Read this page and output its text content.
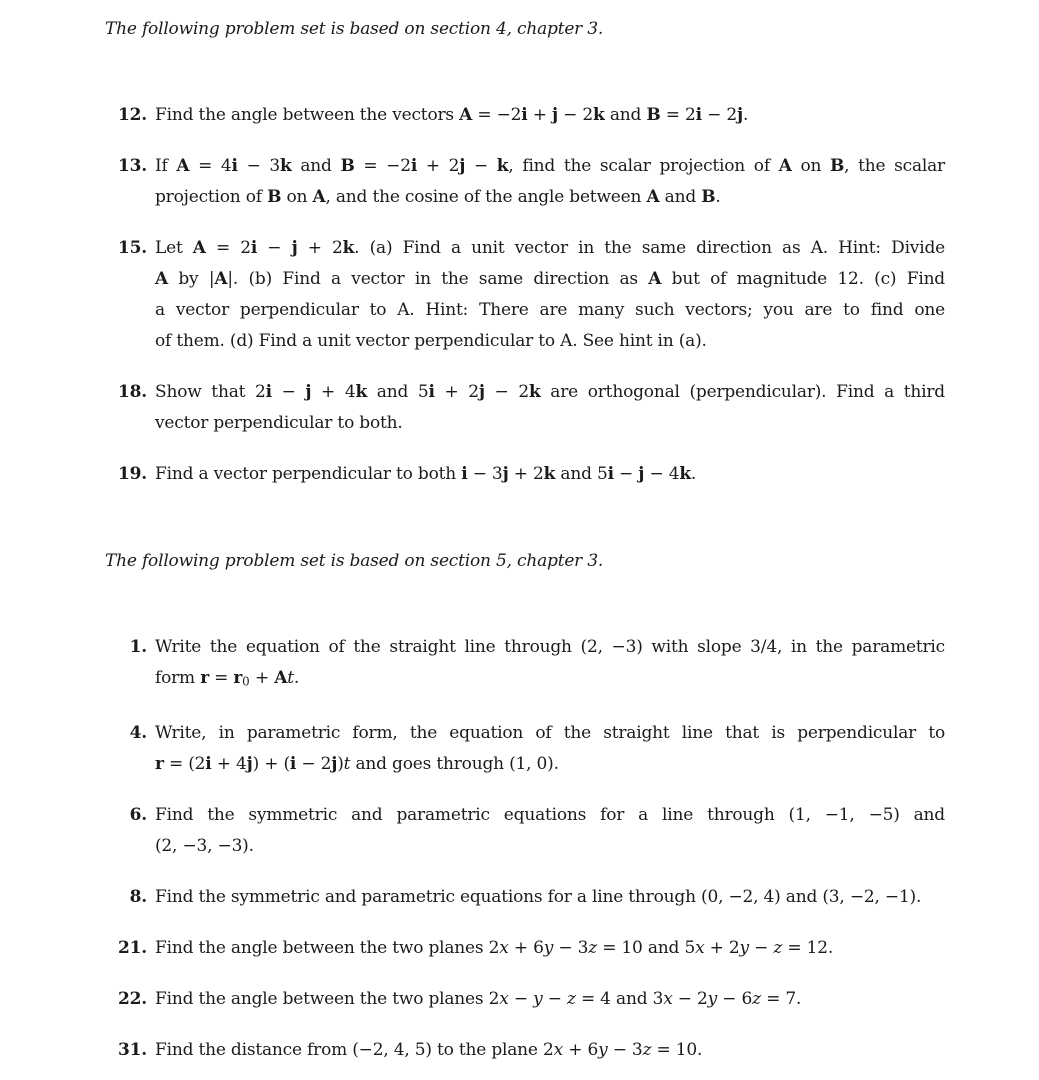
The following problem set is based on section 4, chapter 3.

12. Find the angle between the vectors A = −2i + j − 2k and B = 2i − 2j.
13. If A = 4i − 3k and B = −2i + 2j − k, find the scalar projection of A on B, the scalar
projection of B on A, and the cosine of the angle between A and B.
15. Let A = 2i − j + 2k. (a) Find a unit vector in the same direction as A. Hint: Divide
A by |A|. (b) Find a vector in the same direction as A but of magnitude 12. (c) Find
a vector perpendicular to A. Hint: There are many such vectors; you are to find one
of them. (d) Find a unit vector perpendicular to A. See hint in (a).
18. Show that 2i − j + 4k and 5i + 2j − 2k are orthogonal (perpendicular). Find a third
vector perpendicular to both.
19. Find a vector perpendicular to both i − 3j + 2k and 5i − j − 4k.

The following problem set is based on section 5, chapter 3.

1. Write the equation of the straight line through (2, −3) with slope 3/4, in the parametric
form $r = r_0 + At$.
4. Write, in parametric form, the equation of the straight line that is perpendicular to
r = (2i + 4j) + (i − 2j)t and goes through (1, 0).
6. Find the symmetric and parametric equations for a line through (1, −1, −5) and
(2, −3, −3).
8. Find the symmetric and parametric equations for a line through (0, −2, 4) and (3, −2, −1).
21. Find the angle between the two planes 2x + 6y − 3z = 10 and 5x + 2y − z = 12.
22. Find the angle between the two planes 2x − y − z = 4 and 3x − 2y − 6z = 7.
31. Find the distance from (−2, 4, 5) to the plane 2x + 6y − 3z = 10.
